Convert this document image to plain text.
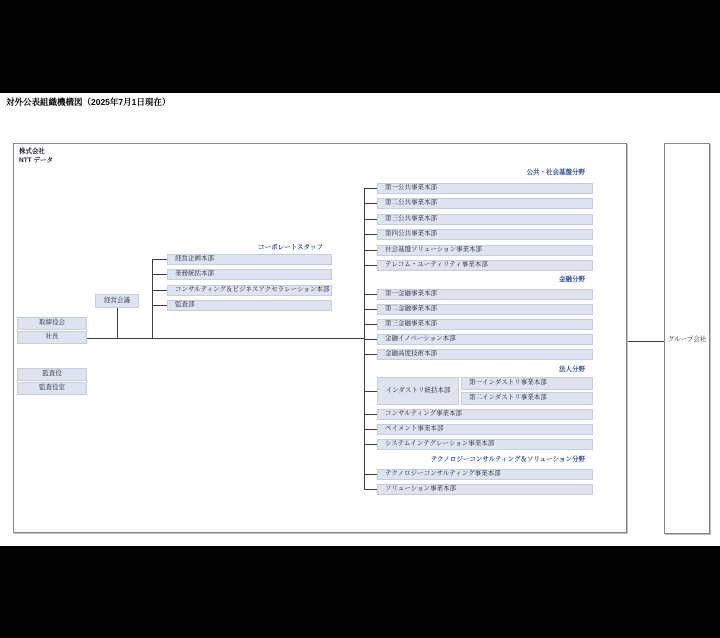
対外公表組織機構図（2025年7月1日現在）
株式会社
NTT データ
グループ会社
取締役会
社長
監査役
監査役室
経営会議
コーポレートスタッフ
経営企画本部
業務統括本部
コンサルティング＆ビジネスアクセラレーション本部
監査部
公共・社会基盤分野
第一公共事業本部
第二公共事業本部
第三公共事業本部
第四公共事業本部
社会基盤ソリューション事業本部
テレコム・ユーティリティ事業本部
金融分野
第一金融事業本部
第二金融事業本部
第三金融事業本部
金融イノベーション本部
金融高度技術本部
法人分野
インダストリ統括本部
第一インダストリ事業本部
第二インダストリ事業本部
コンサルティング事業本部
ペイメント事業本部
システムインテグレーション事業本部
テクノロジーコンサルティング＆ソリューション分野
テクノロジーコンサルティング事業本部
ソリューション事業本部
